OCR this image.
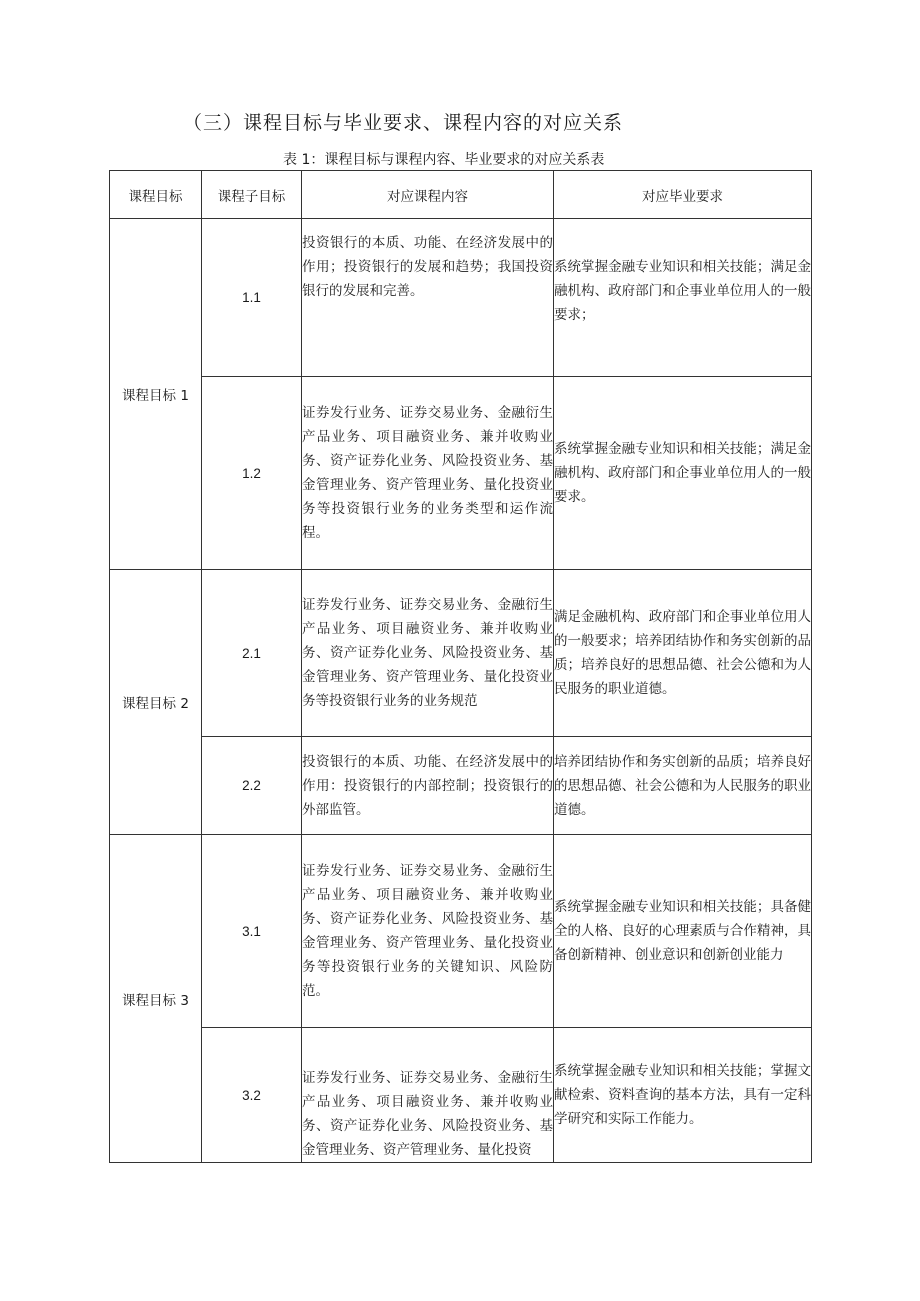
（三）课程目标与毕业要求、课程内容的对应关系
表 1：课程目标与课程内容、毕业要求的对应关系表
课程目标	课程子目标	对应课程内容	对应毕业要求
课程目标 1	1.1	投资银行的本质、功能、在经济发展中的作用；投资银行的发展和趋势；我国投资银行的发展和完善。	系统掌握金融专业知识和相关技能；满足金融机构、政府部门和企事业单位用人的一般要求；
	1.2	证券发行业务、证券交易业务、金融衍生产品业务、项目融资业务、兼并收购业务、资产证券化业务、风险投资业务、基金管理业务、资产管理业务、量化投资业务等投资银行业务的业务类型和运作流程。	系统掌握金融专业知识和相关技能；满足金融机构、政府部门和企事业单位用人的一般要求。
课程目标 2	2.1	证券发行业务、证券交易业务、金融衍生产品业务、项目融资业务、兼并收购业务、资产证券化业务、风险投资业务、基金管理业务、资产管理业务、量化投资业务等投资银行业务的业务规范	满足金融机构、政府部门和企事业单位用人的一般要求；培养团结协作和务实创新的品质；培养良好的思想品德、社会公德和为人民服务的职业道德。
	2.2	投资银行的本质、功能、在经济发展中的作用：投资银行的内部控制；投资银行的外部监管。	培养团结协作和务实创新的品质；培养良好的思想品德、社会公德和为人民服务的职业道德。
课程目标 3	3.1	证券发行业务、证券交易业务、金融衍生产品业务、项目融资业务、兼并收购业务、资产证券化业务、风险投资业务、基金管理业务、资产管理业务、量化投资业务等投资银行业务的关键知识、风险防范。	系统掌握金融专业知识和相关技能；具备健全的人格、良好的心理素质与合作精神，具备创新精神、创业意识和创新创业能力
	3.2	证券发行业务、证券交易业务、金融衍生产品业务、项目融资业务、兼并收购业务、资产证券化业务、风险投资业务、基金管理业务、资产管理业务、量化投资	系统掌握金融专业知识和相关技能；掌握文献检索、资料查询的基本方法，具有一定科学研究和实际工作能力。
